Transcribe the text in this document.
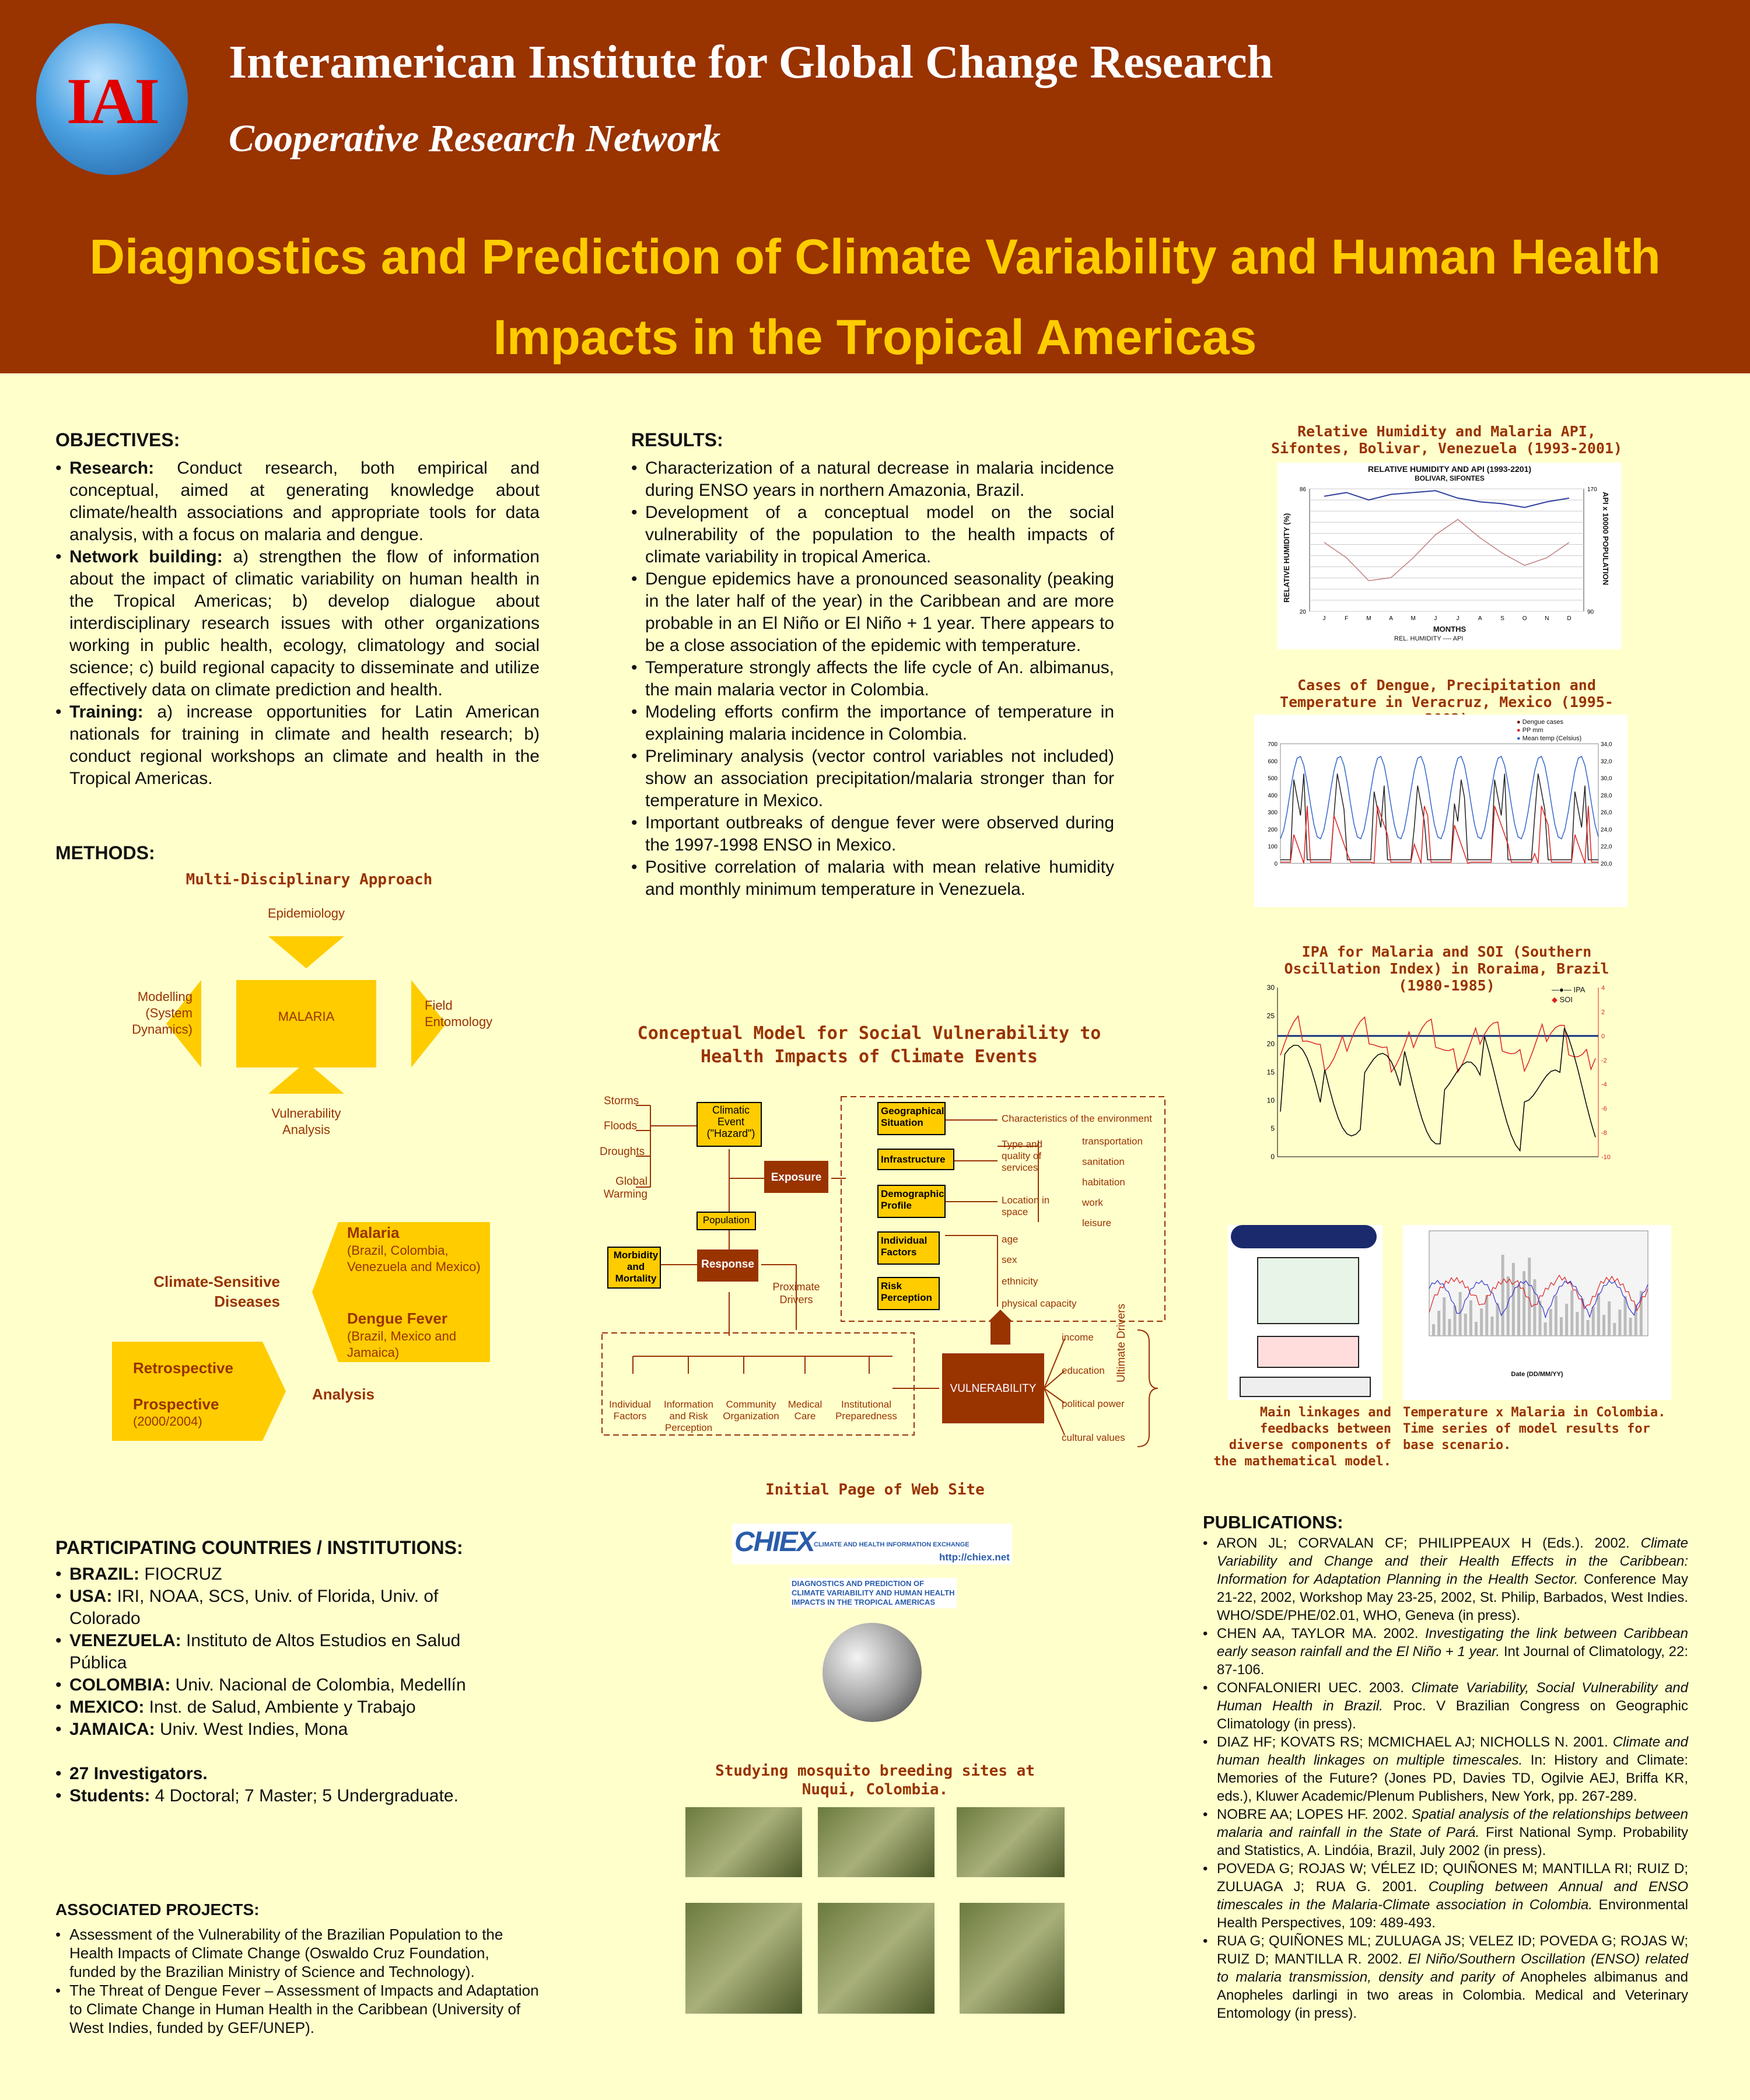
IAI
Interamerican Institute for Global Change Research
Cooperative Research Network
Diagnostics and Prediction of Climate Variability and Human Health
Impacts in the Tropical Americas
OBJECTIVES:
• Research: Conduct research, both empirical and conceptual, aimed at generating knowledge about climate/health associations and appropriate tools for data analysis, with a focus on malaria and dengue.
• Network building: a) strengthen the flow of information about the impact of climatic variability on human health in the Tropical Americas; b) develop dialogue about interdisciplinary research issues with other organizations working in public health, ecology, climatology and social science; c) build regional capacity to disseminate and utilize effectively data on climate prediction and health.
• Training: a) increase opportunities for Latin American nationals for training in climate and health research; b) conduct regional workshops an climate and health in the Tropical Americas.
METHODS:
Multi-Disciplinary Approach
MALARIA
Epidemiology
Modelling (System Dynamics)
Field Entomology
Vulnerability Analysis
Malaria
(Brazil, Colombia, Venezuela and Mexico)
Dengue Fever
(Brazil, Mexico and Jamaica)
Climate-Sensitive Diseases
Retrospective
Prospective
(2000/2004)
Analysis
PARTICIPATING COUNTRIES / INSTITUTIONS:
• BRAZIL: FIOCRUZ
• USA: IRI, NOAA, SCS, Univ. of Florida, Univ. of Colorado
• VENEZUELA: Instituto de Altos Estudios en Salud Pública
• COLOMBIA: Univ. Nacional de Colombia, Medellín
• MEXICO: Inst. de Salud, Ambiente y Trabajo
• JAMAICA: Univ. West Indies, Mona
• 27 Investigators.
• Students: 4 Doctoral; 7 Master; 5 Undergraduate.
ASSOCIATED PROJECTS:
• Assessment of the Vulnerability of the Brazilian Population to the Health Impacts of Climate Change (Oswaldo Cruz Foundation, funded by the Brazilian Ministry of Science and Technology).
• The Threat of Dengue Fever – Assessment of Impacts and Adaptation to Climate Change in Human Health in the Caribbean (University of West Indies, funded by GEF/UNEP).
RESULTS:
• Characterization of a natural decrease in malaria incidence during ENSO years in northern Amazonia, Brazil.
• Development of a conceptual model on the social vulnerability of the population to the health impacts of climate variability in tropical America.
• Dengue epidemics have a pronounced seasonality (peaking in the later half of the year) in the Caribbean and are more probable in an El Niño or El Niño + 1 year. There appears to be a close association of the epidemic with temperature.
• Temperature strongly affects the life cycle of An. albimanus, the main malaria vector in Colombia.
• Modeling efforts confirm the importance of temperature in explaining malaria incidence in Colombia.
• Preliminary analysis (vector control variables not included) show an association precipitation/malaria stronger than for temperature in Mexico.
• Important outbreaks of dengue fever were observed during the 1997-1998 ENSO in Mexico.
• Positive correlation of malaria with mean relative humidity and monthly minimum temperature in Venezuela.
Conceptual Model for Social Vulnerability to Health Impacts of Climate Events
Storms
Floods
Droughts
Global Warming
Climatic Event ("Hazard")
Exposure
Population
Response
Morbidity and Mortality
Proximate Drivers
Geographical Situation
Infrastructure
Demographic Profile
Individual Factors
Risk Perception
Characteristics of the environment
Type and quality of services
Location in space
transportation
sanitation
habitation
work
leisure
age
sex
ethnicity
physical capacity
Individual Factors
Information and Risk Perception
Community Organization
Medical Care
Institutional Preparedness
VULNERABILITY
income
education
political power
cultural values
Ultimate Drivers
Initial Page of Web Site
CHIEX CLIMATE AND HEALTH INFORMATION EXCHANGE
http://chiex.net
DIAGNOSTICS AND PREDICTION OF CLIMATE VARIABILITY AND HUMAN HEALTH IMPACTS IN THE TROPICAL AMERICAS
Studying mosquito breeding sites at Nuqui, Colombia.
Relative Humidity and Malaria API, Sifontes, Bolivar, Venezuela (1993-2001)
RELATIVE HUMIDITY AND API (1993-2201)
BOLIVAR, SIFONTES
RELATIVE HUMIDITY (%)	API x 10000 POPULATION
MONTHS
REL. HUMIDITY ---- API
20
86
90
170
J	F	M	A	M	J	J	A	S	O	N	D
Cases of Dengue, Precipitation and Temperature in Veracruz, Mexico (1995-
● Dengue cases
● PP mm
● Mean temp (Celsius)
0
100
200
300
400
500
600
700
20,0
22,0
24,0
26,0
28,0
30,0
32,0
34,0
IPA for Malaria and SOI (Southern Oscillation Index) in Roraima, Brazil (1980-1985)	—●— IPA
◆ SOI
0
5
10
15
20
25
30
-10
-8
-6
-4
-2
0
2
4
Main linkages and feedbacks between diverse components of the mathematical model.
Date (DD/MM/YY)
Temperature x Malaria in Colombia. Time series of model results for base scenario.
PUBLICATIONS:
• ARON JL; CORVALAN CF; PHILIPPEAUX H (Eds.). 2002. Climate Variability and Change and their Health Effects in the Caribbean: Information for Adaptation Planning in the Health Sector. Conference May 21-22, 2002, Workshop May 23-25, 2002, St. Philip, Barbados, West Indies. WHO/SDE/PHE/02.01, WHO, Geneva (in press).
• CHEN AA, TAYLOR MA. 2002. Investigating the link between Caribbean early season rainfall and the El Niño + 1 year. Int Journal of Climatology, 22: 87-106.
• CONFALONIERI UEC. 2003. Climate Variability, Social Vulnerability and Human Health in Brazil. Proc. V Brazilian Congress on Geographic Climatology (in press).
• DIAZ HF; KOVATS RS; MCMICHAEL AJ; NICHOLLS N. 2001. Climate and human health linkages on multiple timescales. In: History and Climate: Memories of the Future? (Jones PD, Davies TD, Ogilvie AEJ, Briffa KR, eds.), Kluwer Academic/Plenum Publishers, New York, pp. 267-289.
• NOBRE AA; LOPES HF. 2002. Spatial analysis of the relationships between malaria and rainfall in the State of Pará. First National Symp. Probability and Statistics, A. Lindóia, Brazil, July 2002 (in press).
• POVEDA G; ROJAS W; VÉLEZ ID; QUIÑONES M; MANTILLA RI; RUIZ D; ZULUAGA J; RUA G. 2001. Coupling between Annual and ENSO timescales in the Malaria-Climate association in Colombia. Environmental Health Perspectives, 109: 489-493.
• RUA G; QUIÑONES ML; ZULUAGA JS; VELEZ ID; POVEDA G; ROJAS W; RUIZ D; MANTILLA R. 2002. El Niño/Southern Oscillation (ENSO) related to malaria transmission, density and parity of Anopheles albimanus and Anopheles darlingi in two areas in Colombia. Medical and Veterinary Entomology (in press).
